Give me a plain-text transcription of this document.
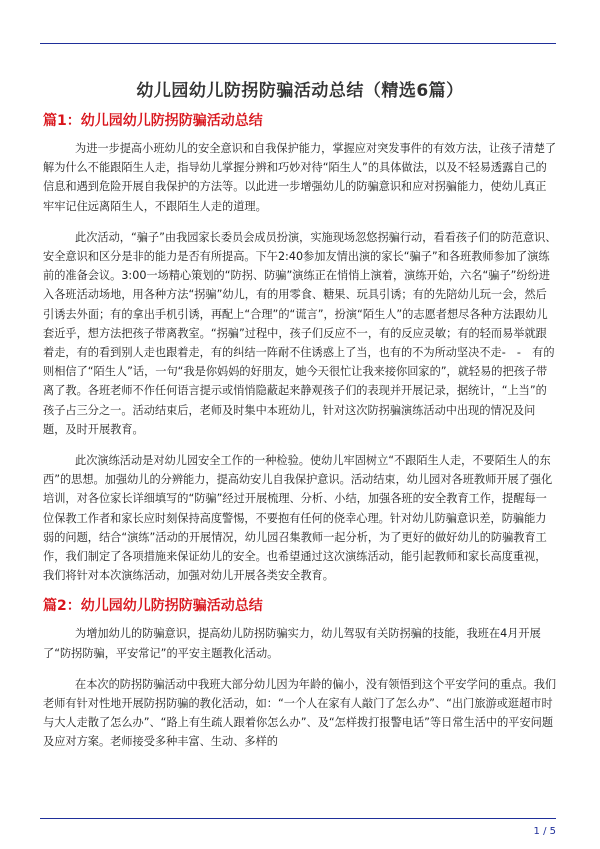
幼儿园幼儿防拐防骗活动总结（精选6篇）
篇1：幼儿园幼儿防拐防骗活动总结

为进一步提高小班幼儿的安全意识和自我保护能力，掌握应对突发事件的有效方法，让孩子清楚了解为什么不能跟陌生人走，指导幼儿掌握分辨和巧妙对待“陌生人”的具体做法，以及不轻易透露自己的信息和遇到危险开展自我保护的方法等。以此进一步增强幼儿的防骗意识和应对拐骗能力，使幼儿真正牢牢记住远离陌生人，不跟陌生人走的道理。

此次活动，“骗子”由我园家长委员会成员扮演，实施现场忽悠拐骗行动，看看孩子们的防范意识、安全意识和区分是非的能力是否有所提高。下午2:40参加友情出演的家长“骗子”和各班教师参加了演练前的准备会议。3:00一场精心策划的“防拐、防骗”演练正在悄悄上演着，演练开始，六名“骗子”纷纷进入各班活动场地，用各种方法“拐骗”幼儿，有的用零食、糖果、玩具引诱；有的先陪幼儿玩一会，然后引诱去外面；有的拿出手机引诱，再配上“合理”的“谎言”，扮演“陌生人”的志愿者想尽各种方法跟幼儿套近乎，想方法把孩子带离教室。“拐骗”过程中，孩子们反应不一，有的反应灵敏；有的轻而易举就跟着走，有的看到别人走也跟着走，有的纠结一阵耐不住诱惑上了当，也有的不为所动坚决不走-　-　有的则相信了“陌生人”话，一句“我是你妈妈的好朋友，她今天很忙让我来接你回家的”，就轻易的把孩子带离了教。各班老师不作任何语言提示或悄悄隐蔽起来静观孩子们的表现并开展记录，据统计，“上当”的孩子占三分之一。活动结束后，老师及时集中本班幼儿，针对这次防拐骗演练活动中出现的情况及问题，及时开展教育。

此次演练活动是对幼儿园安全工作的一种检验。使幼儿牢固树立“不跟陌生人走，不要陌生人的东西”的思想。加强幼儿的分辨能力，提高幼安儿自我保护意识。活动结束，幼儿园对各班教师开展了强化培训，对各位家长详细填写的“防骗”经过开展梳理、分析、小结，加强各班的安全教育工作，提醒每一位保教工作者和家长应时刻保持高度警惕，不要抱有任何的侥幸心理。针对幼儿防骗意识差，防骗能力弱的问题，结合“演练”活动的开展情况，幼儿园召集教师一起分析，为了更好的做好幼儿的防骗教育工作，我们制定了各项措施来保证幼儿的安全。也希望通过这次演练活动，能引起教师和家长高度重视，我们将针对本次演练活动，加强对幼儿开展各类安全教育。

篇2：幼儿园幼儿防拐防骗活动总结

为增加幼儿的防骗意识，提高幼儿防拐防骗实力，幼儿驾驭有关防拐骗的技能，我班在4月开展了“防拐防骗，平安常记”的平安主题教化活动。

在本次的防拐防骗活动中我班大部分幼儿因为年龄的偏小，没有领悟到这个平安学问的重点。我们老师有针对性地开展防拐防骗的教化活动，如：“一个人在家有人敲门了怎么办”、“出门旅游或逛超市时与大人走散了怎么办”、“路上有生疏人跟着你怎么办”、及“怎样拨打报警电话”等日常生活中的平安问题及应对方案。老师接受多种丰富、生动、多样的

1 / 5
